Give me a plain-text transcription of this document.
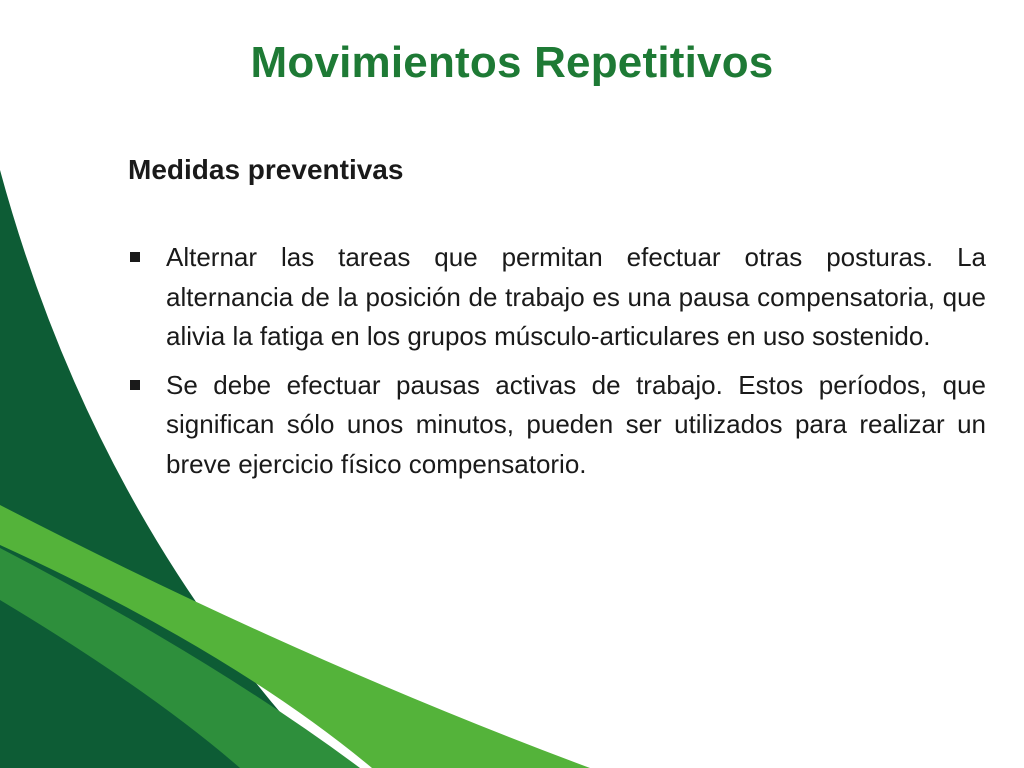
Movimientos Repetitivos
Medidas preventivas
Alternar las tareas que permitan efectuar otras posturas. La alternancia de la posición de trabajo es una pausa compensatoria, que alivia la fatiga en los grupos músculo-articulares en uso sostenido.
Se debe efectuar pausas activas de trabajo. Estos períodos, que significan sólo unos minutos, pueden ser utilizados para realizar un breve ejercicio físico compensatorio.
